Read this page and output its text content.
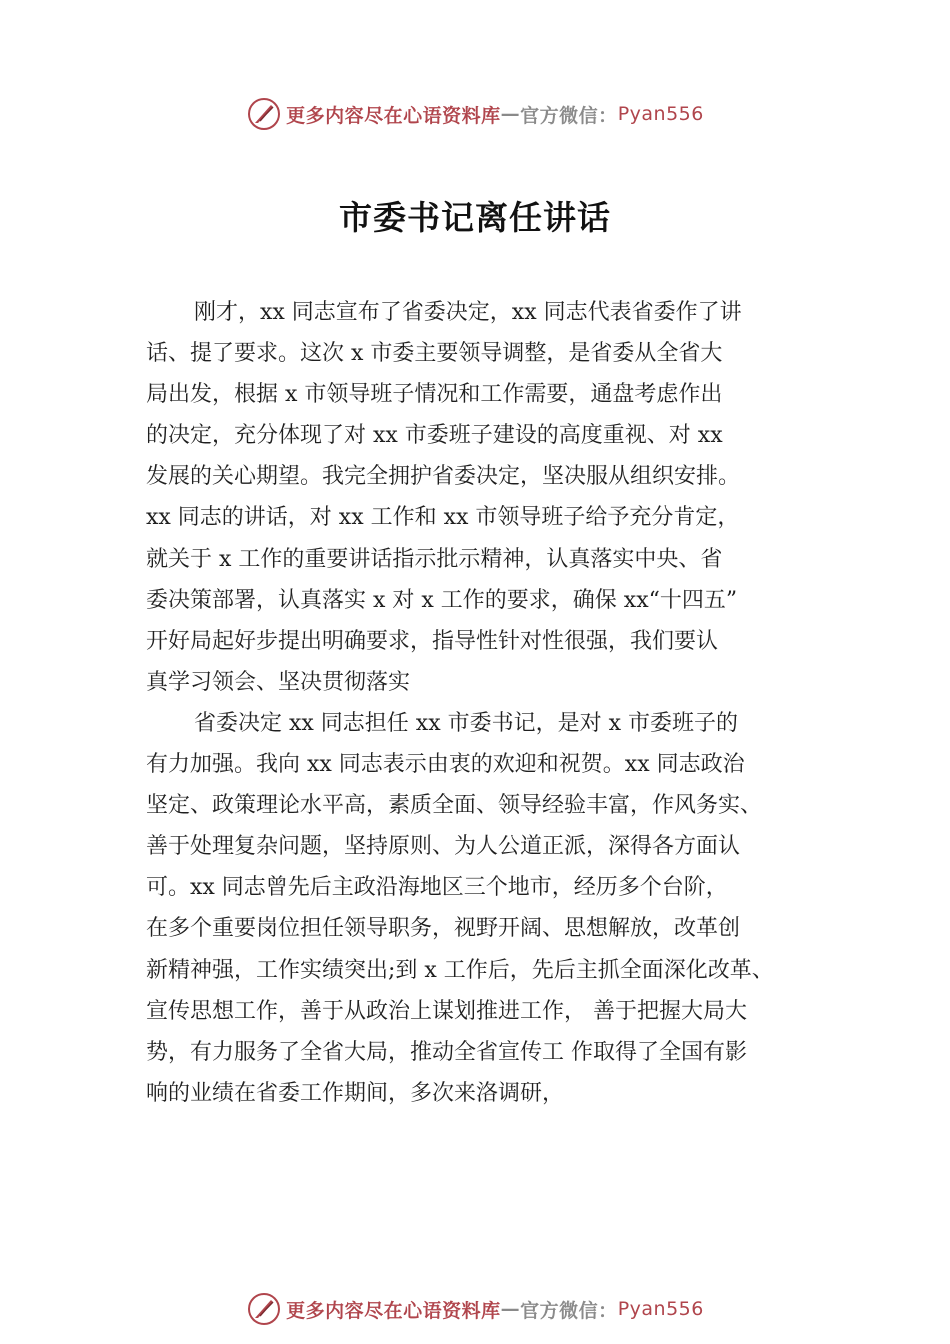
更多内容尽在心语资料库 — 官方微信： Pyan556
市委书记离任讲话
刚才，xx 同志宣布了省委决定，xx 同志代表省委作了讲
话、提了要求。这次 x 市委主要领导调整，是省委从全省大
局出发，根据 x 市领导班子情况和工作需要，通盘考虑作出
的决定，充分体现了对 xx 市委班子建设的高度重视、对 xx
发展的关心期望。我完全拥护省委决定，坚决服从组织安排。
xx 同志的讲话，对 xx 工作和 xx 市领导班子给予充分肯定，
就关于 x 工作的重要讲话指示批示精神，认真落实中央、省
委决策部署，认真落实 x 对 x 工作的要求，确保 xx“十四五”
开好局起好步提出明确要求，指导性针对性很强，我们要认
真学习领会、坚决贯彻落实
省委决定 xx 同志担任 xx 市委书记，是对 x 市委班子的
有力加强。我向 xx 同志表示由衷的欢迎和祝贺。xx 同志政治
坚定、政策理论水平高，素质全面、领导经验丰富，作风务实、
善于处理复杂问题，坚持原则、为人公道正派，深得各方面认
可。xx 同志曾先后主政沿海地区三个地市，经历多个台阶，
在多个重要岗位担任领导职务，视野开阔、思想解放，改革创
新精神强，工作实绩突出;到 x 工作后，先后主抓全面深化改革、
宣传思想工作，善于从政治上谋划推进工作， 善于把握大局大
势，有力服务了全省大局，推动全省宣传工 作取得了全国有影
响的业绩在省委工作期间，多次来洛调研，
更多内容尽在心语资料库 — 官方微信： Pyan556
